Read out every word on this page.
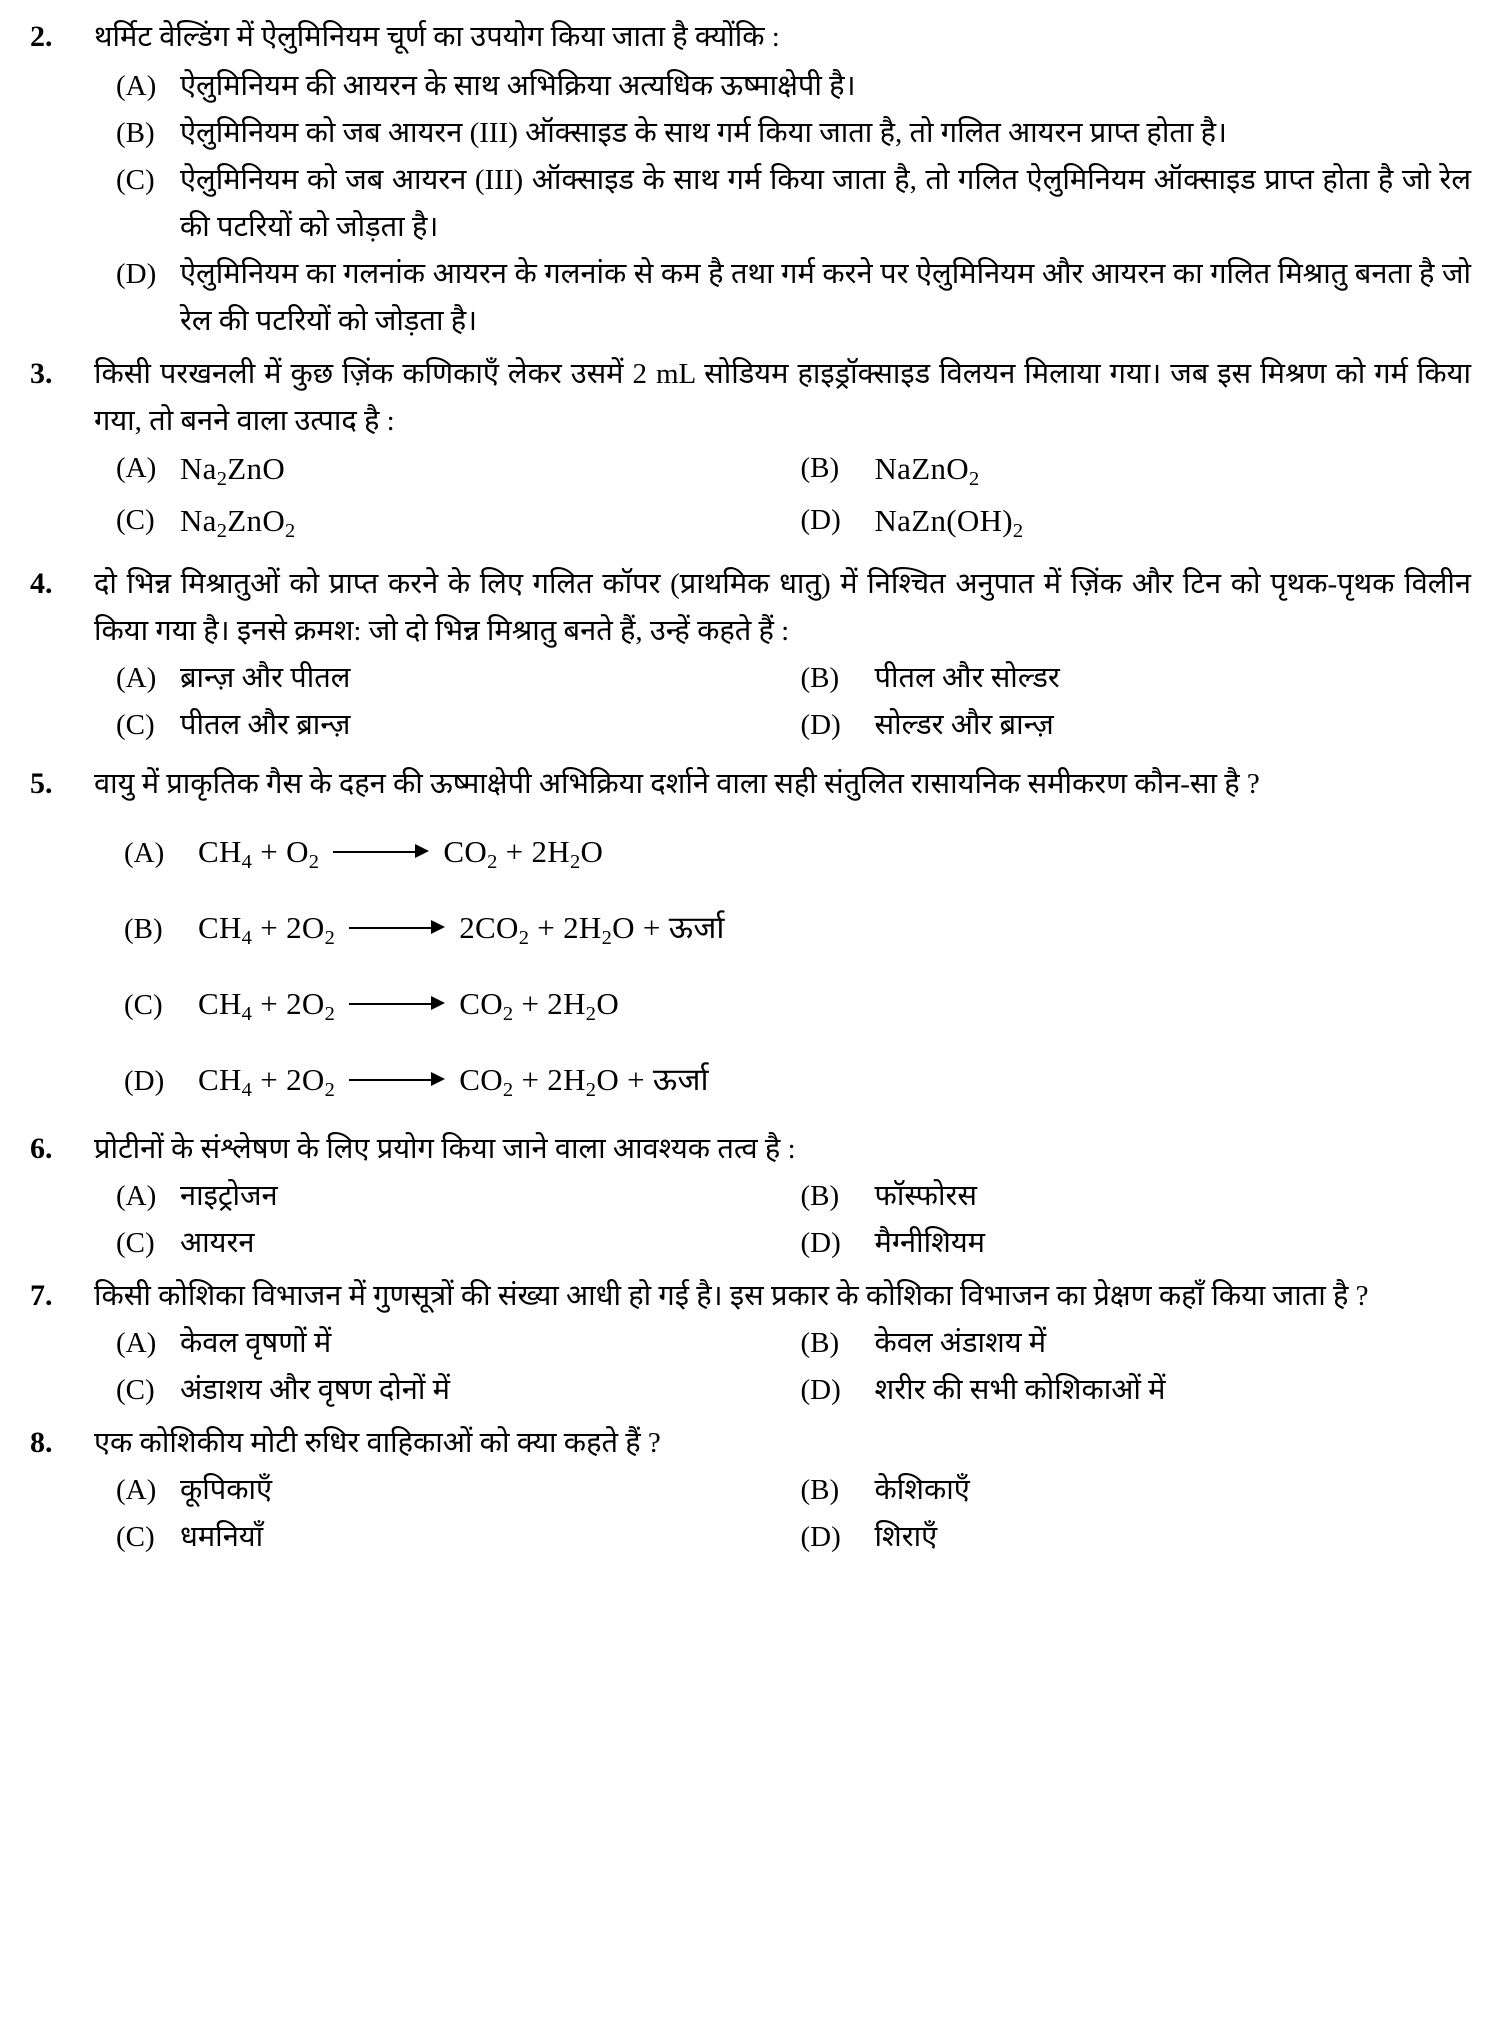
2.	थर्मिट वेल्डिंग में ऐलुमिनियम चूर्ण का उपयोग किया जाता है क्योंकि :
(A) ऐलुमिनियम की आयरन के साथ अभिक्रिया अत्यधिक ऊष्माक्षेपी है।
(B) ऐलुमिनियम को जब आयरन (III) ऑक्साइड के साथ गर्म किया जाता है, तो गलित आयरन प्राप्त होता है।
(C) ऐलुमिनियम को जब आयरन (III) ऑक्साइड के साथ गर्म किया जाता है, तो गलित ऐलुमिनियम ऑक्साइड प्राप्त होता है जो रेल की पटरियों को जोड़ता है।
(D) ऐलुमिनियम का गलनांक आयरन के गलनांक से कम है तथा गर्म करने पर ऐलुमिनियम और आयरन का गलित मिश्रातु बनता है जो रेल की पटरियों को जोड़ता है।
3.	किसी परखनली में कुछ ज़िंक कणिकाएँ लेकर उसमें 2 mL सोडियम हाइड्रॉक्साइड विलयन मिलाया गया। जब इस मिश्रण को गर्म किया गया, तो बनने वाला उत्पाद है :
(A) $Na_2ZnO$	(B)	NaZnO$_2$
(C) $Na_2ZnO_2$	(D)	$NaZn(OH)_2$
4.	दो भिन्न मिश्रातुओं को प्राप्त करने के लिए गलित कॉपर (प्राथमिक धातु) में निश्चित अनुपात में ज़िंक और टिन को पृथक-पृथक विलीन किया गया है। इनसे क्रमश: जो दो भिन्न मिश्रातु बनते हैं, उन्हें कहते हैं :
(A) ब्रान्ज़ और पीतल	(B)	पीतल और सोल्डर
(C) पीतल और ब्रान्ज़	(D)	सोल्डर और ब्रान्ज़
5.	वायु में प्राकृतिक गैस के दहन की ऊष्माक्षेपी अभिक्रिया दर्शाने वाला सही संतुलित रासायनिक समीकरण कौन-सा है ?
(A)	$CH_4 + O_2$	$CO_2 + 2H_2O$
(B)	$CH_4 + 2O_2$	$2CO_2 + 2H_2O$ + ऊर्जा
(C)	$CH_4 + 2O_2$	$CO_2 + 2H_2O$
(D)	$CH_4 + 2O_2$	$CO_2 + 2H_2O$ + ऊर्जा
6.	प्रोटीनों के संश्लेषण के लिए प्रयोग किया जाने वाला आवश्यक तत्व है :
(A) नाइट्रोजन	(B)	फॉस्फोरस
(C) आयरन	(D)	मैग्नीशियम
7.	किसी कोशिका विभाजन में गुणसूत्रों की संख्या आधी हो गई है। इस प्रकार के कोशिका विभाजन का प्रेक्षण कहाँ किया जाता है ?
(A) केवल वृषणों में	(B)	केवल अंडाशय में
(C) अंडाशय और वृषण दोनों में	(D)	शरीर की सभी कोशिकाओं में
8.	एक कोशिकीय मोटी रुधिर वाहिकाओं को क्या कहते हैं ?
(A) कूपिकाएँ	(B)	केशिकाएँ
(C) धमनियाँ	(D)	शिराएँ
